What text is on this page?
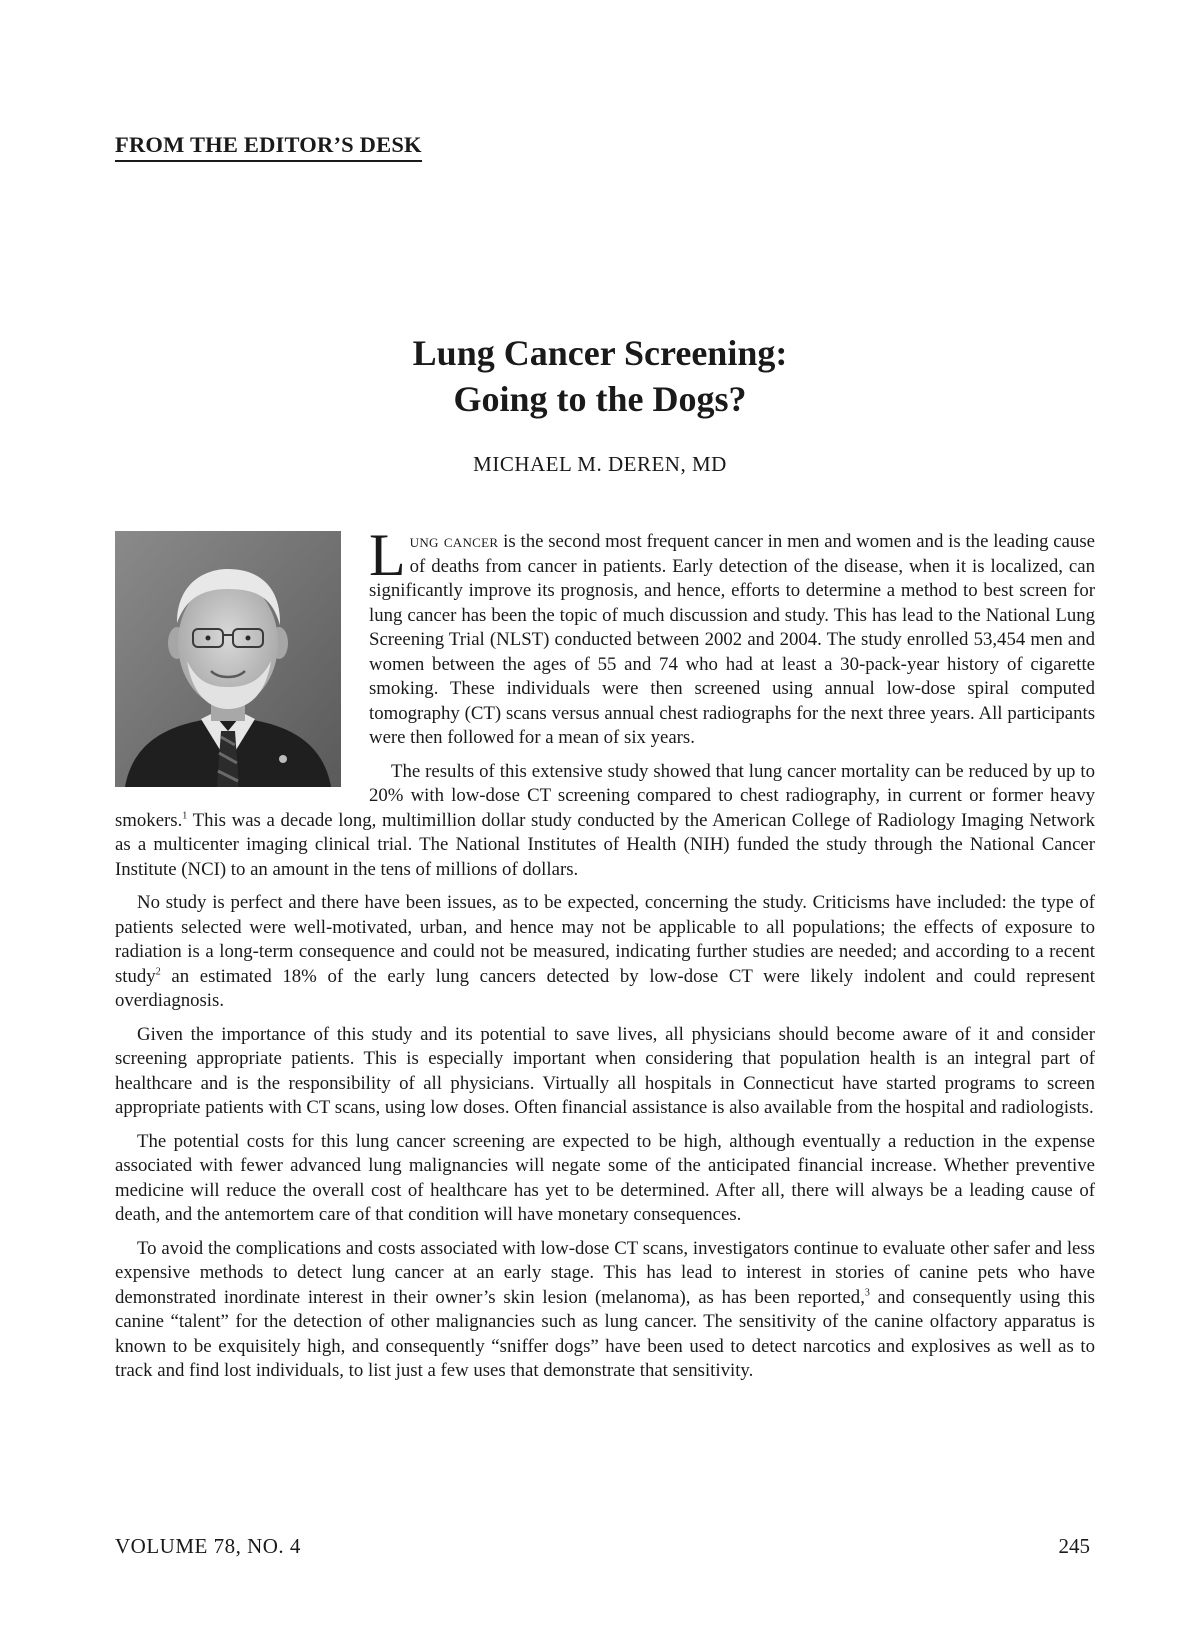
FROM THE EDITOR’S DESK
Lung Cancer Screening:
Going to the Dogs?
MICHAEL M. DEREN, MD

Lung cancer is the second most frequent cancer in men and women and is the leading cause of deaths from cancer in patients. Early detection of the disease, when it is localized, can significantly improve its prognosis, and hence, efforts to determine a method to best screen for lung cancer has been the topic of much discussion and study. This has lead to the National Lung Screening Trial (NLST) conducted between 2002 and 2004. The study enrolled 53,454 men and women between the ages of 55 and 74 who had at least a 30-pack-year history of cigarette smoking. These individuals were then screened using annual low-dose spiral computed tomography (CT) scans versus annual chest radiographs for the next three years. All participants were then followed for a mean of six years.

The results of this extensive study showed that lung cancer mortality can be reduced by up to 20% with low-dose CT screening compared to chest radiography, in current or former heavy smokers.$^1$ This was a decade long, multimillion dollar study conducted by the American College of Radiology Imaging Network as a multicenter imaging clinical trial. The National Institutes of Health (NIH) funded the study through the National Cancer Institute (NCI) to an amount in the tens of millions of dollars.

No study is perfect and there have been issues, as to be expected, concerning the study. Criticisms have included: the type of patients selected were well-motivated, urban, and hence may not be applicable to all populations; the effects of exposure to radiation is a long-term consequence and could not be measured, indicating further studies are needed; and according to a recent study$^2$ an estimated 18% of the early lung cancers detected by low-dose CT were likely indolent and could represent overdiagnosis.

Given the importance of this study and its potential to save lives, all physicians should become aware of it and consider screening appropriate patients. This is especially important when considering that population health is an integral part of healthcare and is the responsibility of all physicians. Virtually all hospitals in Connecticut have started programs to screen appropriate patients with CT scans, using low doses. Often financial assistance is also available from the hospital and radiologists.

The potential costs for this lung cancer screening are expected to be high, although eventually a reduction in the expense associated with fewer advanced lung malignancies will negate some of the anticipated financial increase. Whether preventive medicine will reduce the overall cost of healthcare has yet to be determined. After all, there will always be a leading cause of death, and the antemortem care of that condition will have monetary consequences.

To avoid the complications and costs associated with low-dose CT scans, investigators continue to evaluate other safer and less expensive methods to detect lung cancer at an early stage. This has lead to interest in stories of canine pets who have demonstrated inordinate interest in their owner’s skin lesion (melanoma), as has been reported,$^3$ and consequently using this canine “talent” for the detection of other malignancies such as lung cancer. The sensitivity of the canine olfactory apparatus is known to be exquisitely high, and consequently “sniffer dogs” have been used to detect narcotics and explosives as well as to track and find lost individuals, to list just a few uses that demonstrate that sensitivity.

VOLUME 78, NO. 4	245
